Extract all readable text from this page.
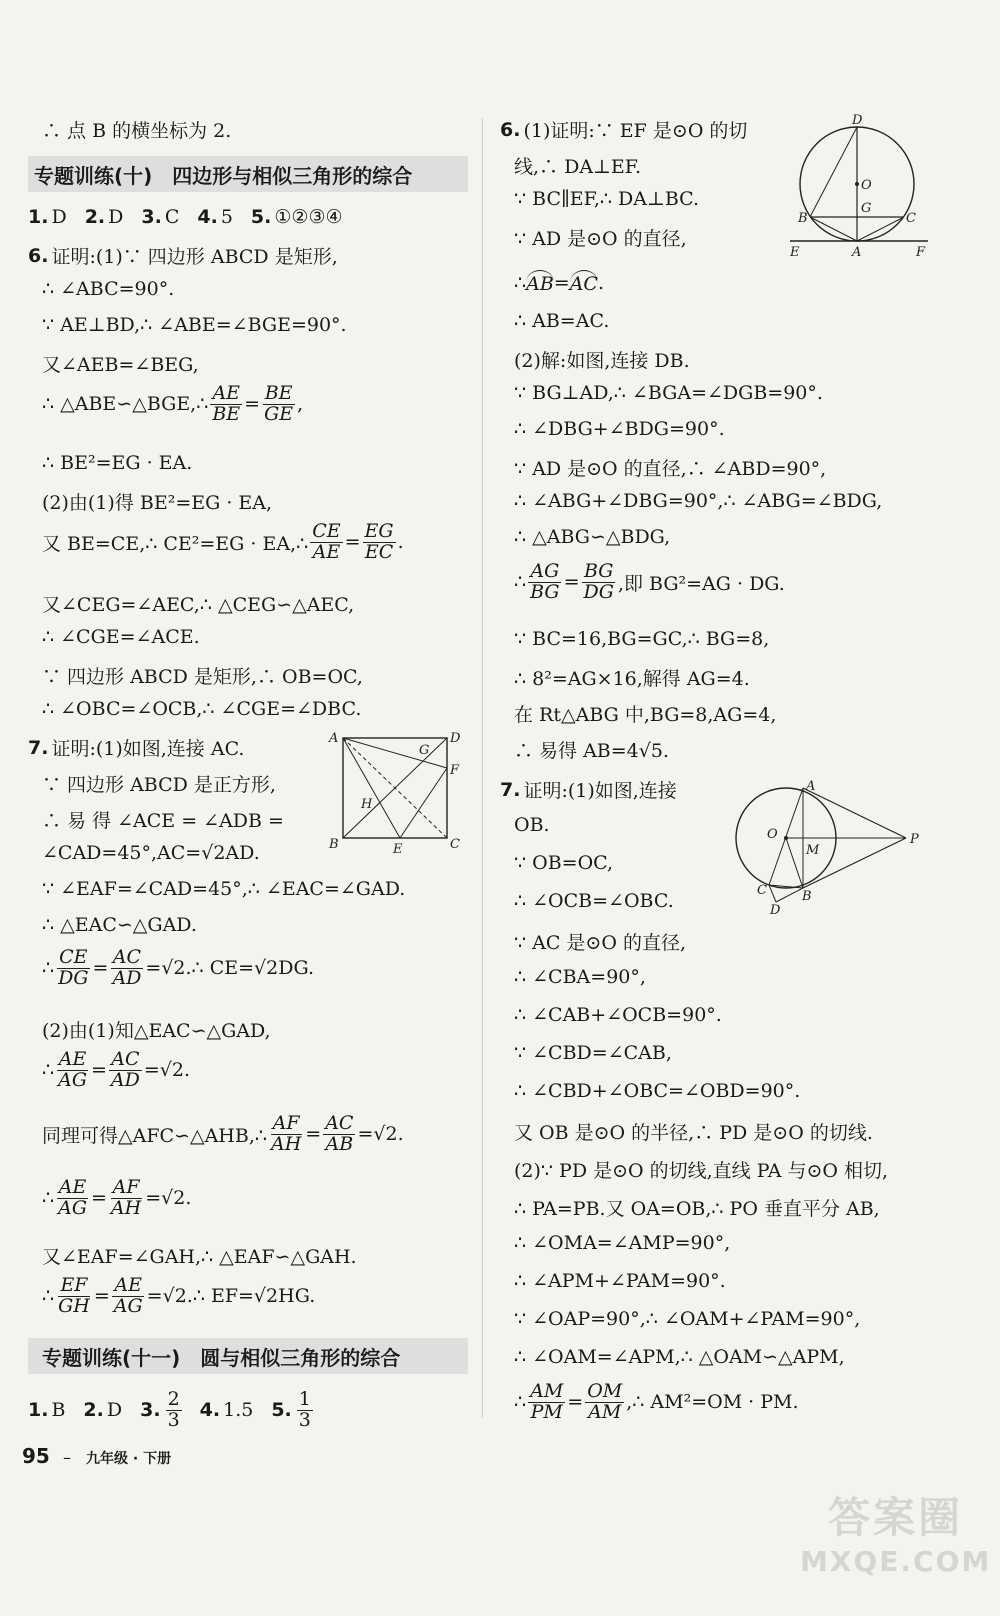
∴ 点 B 的横坐标为 2.
专题训练(十)　四边形与相似三角形的综合
1. D 2. D 3. C 4. 5 5. ①②③④
6. 证明:(1)∵ 四边形 ABCD 是矩形,
∴ ∠ABC=90°.
∵ AE⊥BD,∴ ∠ABE=∠BGE=90°.
又∠AEB=∠BEG,
∴ △ABE∽△BGE,∴ $\frac{AE}{BE} = \frac{BE}{GE}$ ,
∴ BE²=EG · EA.
(2)由(1)得 BE²=EG · EA,
又 BE=CE,∴ CE²=EG · EA,∴ $\frac{CE}{AE} = \frac{EG}{EC}$ .
又∠CEG=∠AEC,∴ △CEG∽△AEC,
∴ ∠CGE=∠ACE.
∵ 四边形 ABCD 是矩形,∴ OB=OC,
∴ ∠OBC=∠OCB,∴ ∠CGE=∠DBC.
7. 证明:(1)如图,连接 AC.
∵ 四边形 ABCD 是正方形,
∴ 易 得 ∠ACE = ∠ADB =
∠CAD=45°,AC=√2AD.
∵ ∠EAF=∠CAD=45°,∴ ∠EAC=∠GAD.
∴ △EAC∽△GAD.
∴ $\frac{CE}{DG} = \frac{AC}{AD}$ =√2.∴ CE=√2DG.
(2)由(1)知△EAC∽△GAD,
∴ $\frac{AE}{AG} = \frac{AC}{AD} =√2$.
同理可得△AFC∽△AHB,∴ $\frac{AF}{AH} = \frac{AC}{AB} =√2$.
∴ $\frac{AE}{AG} = \frac{AF}{AH} =√2$.
又∠EAF=∠GAH,∴ △EAF∽△GAH.
∴ $\frac{EF}{GH} = \frac{AE}{AG}$ =√2.∴ EF=√2HG.
专题训练(十一)　圆与相似三角形的综合
1. B 2. D 3. $\frac{2}{3} 4$. 1.5 5. $\frac{1}{3}$
A	D
G
F
H
B	E	C
6. (1)证明:∵ EF 是⊙O 的切
线,∴ DA⊥EF.
∵ BC∥EF,∴ DA⊥BC.
∵ AD 是⊙O 的直径,
∴ AB = AC .
∴ AB=AC.
(2)解:如图,连接 DB.
∵ BG⊥AD,∴ ∠BGA=∠DGB=90°.
∴ ∠DBG+∠BDG=90°.
∵ AD 是⊙O 的直径,∴ ∠ABD=90°,
∴ ∠ABG+∠DBG=90°,∴ ∠ABG=∠BDG,
∴ △ABG∽△BDG,
∴ $\frac{AG}{BG} = \frac{BG}{DG}$ ,即 BG²=AG · DG.
∵ BC=16,BG=GC,∴ BG=8,
∴ 8²=AG×16,解得 AG=4.
在 Rt△ABG 中,BG=8,AG=4,
∴ 易得 AB=4√5.
7. 证明:(1)如图,连接
OB.
∵ OB=OC,
∴ ∠OCB=∠OBC.
∵ AC 是⊙O 的直径,
∴ ∠CBA=90°,
∴ ∠CAB+∠OCB=90°.
∵ ∠CBD=∠CAB,
∴ ∠CBD+∠OBC=∠OBD=90°.
又 OB 是⊙O 的半径,∴ PD 是⊙O 的切线.
(2)∵ PD 是⊙O 的切线,直线 PA 与⊙O 相切,
∴ PA=PB.又 OA=OB,∴ PO 垂直平分 AB,
∴ ∠OMA=∠AMP=90°,
∴ ∠APM+∠PAM=90°.
∵ ∠OAP=90°,∴ ∠OAM+∠PAM=90°,
∴ ∠OAM=∠APM,∴ △OAM∽△APM,
∴ $\frac{AM}{PM} = \frac{OM}{AM}$ ,∴ AM²=OM · PM.
D
O
B
G
C
E	A	F
A
O
M
P
C	B
D
95 – 九年级 · 下册
答案圈
MXQE.COM
